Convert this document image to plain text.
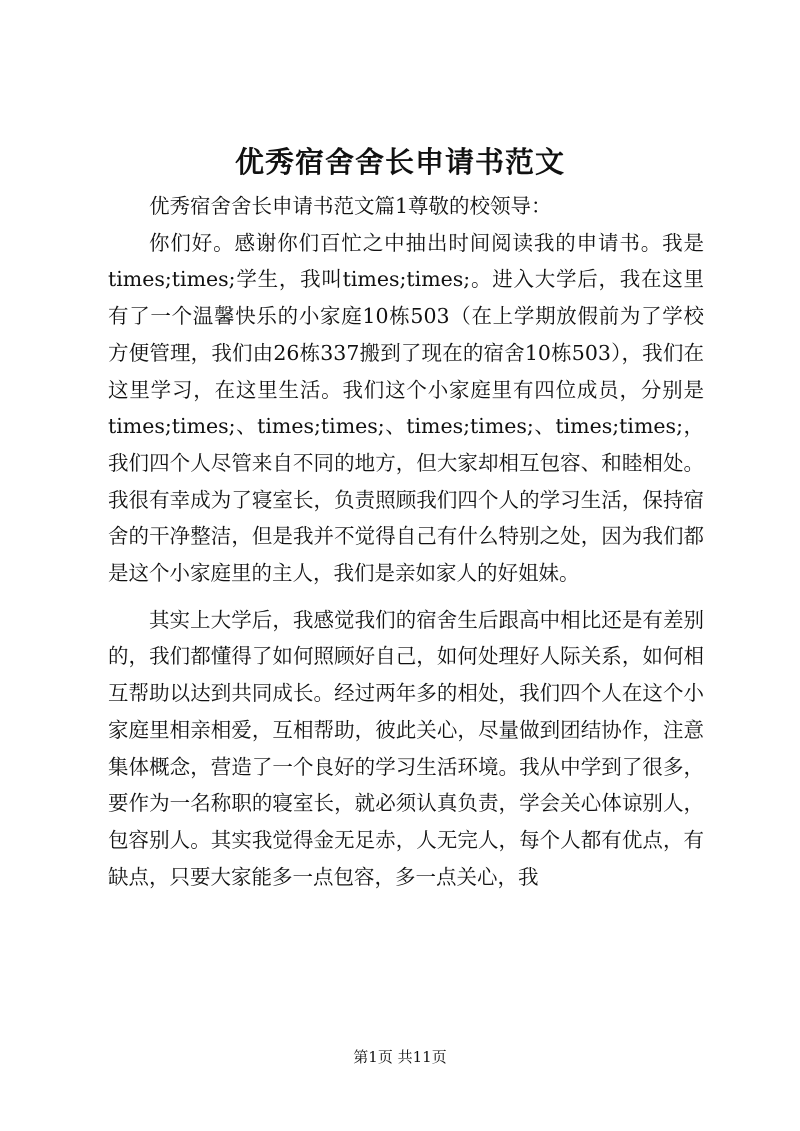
优秀宿舍舍长申请书范文

优秀宿舍舍长申请书范文篇1尊敬的校领导：

你们好。感谢你们百忙之中抽出时间阅读我的申请书。我是times;times;学生，我叫times;times;。进入大学后，我在这里有了一个温馨快乐的小家庭10栋503（在上学期放假前为了学校方便管理，我们由26栋337搬到了现在的宿舍10栋503），我们在这里学习，在这里生活。我们这个小家庭里有四位成员，分别是times;times;、times;times;、times;times;、times;times;，我们四个人尽管来自不同的地方，但大家却相互包容、和睦相处。我很有幸成为了寝室长，负责照顾我们四个人的学习生活，保持宿舍的干净整洁，但是我并不觉得自己有什么特别之处，因为我们都是这个小家庭里的主人，我们是亲如家人的好姐妹。

其实上大学后，我感觉我们的宿舍生后跟高中相比还是有差别的，我们都懂得了如何照顾好自己，如何处理好人际关系，如何相互帮助以达到共同成长。经过两年多的相处，我们四个人在这个小家庭里相亲相爱，互相帮助，彼此关心，尽量做到团结协作，注意集体概念，营造了一个良好的学习生活环境。我从中学到了很多，要作为一名称职的寝室长，就必须认真负责，学会关心体谅别人，包容别人。其实我觉得金无足赤，人无完人，每个人都有优点，有缺点，只要大家能多一点包容，多一点关心，我

第1页 共11页
